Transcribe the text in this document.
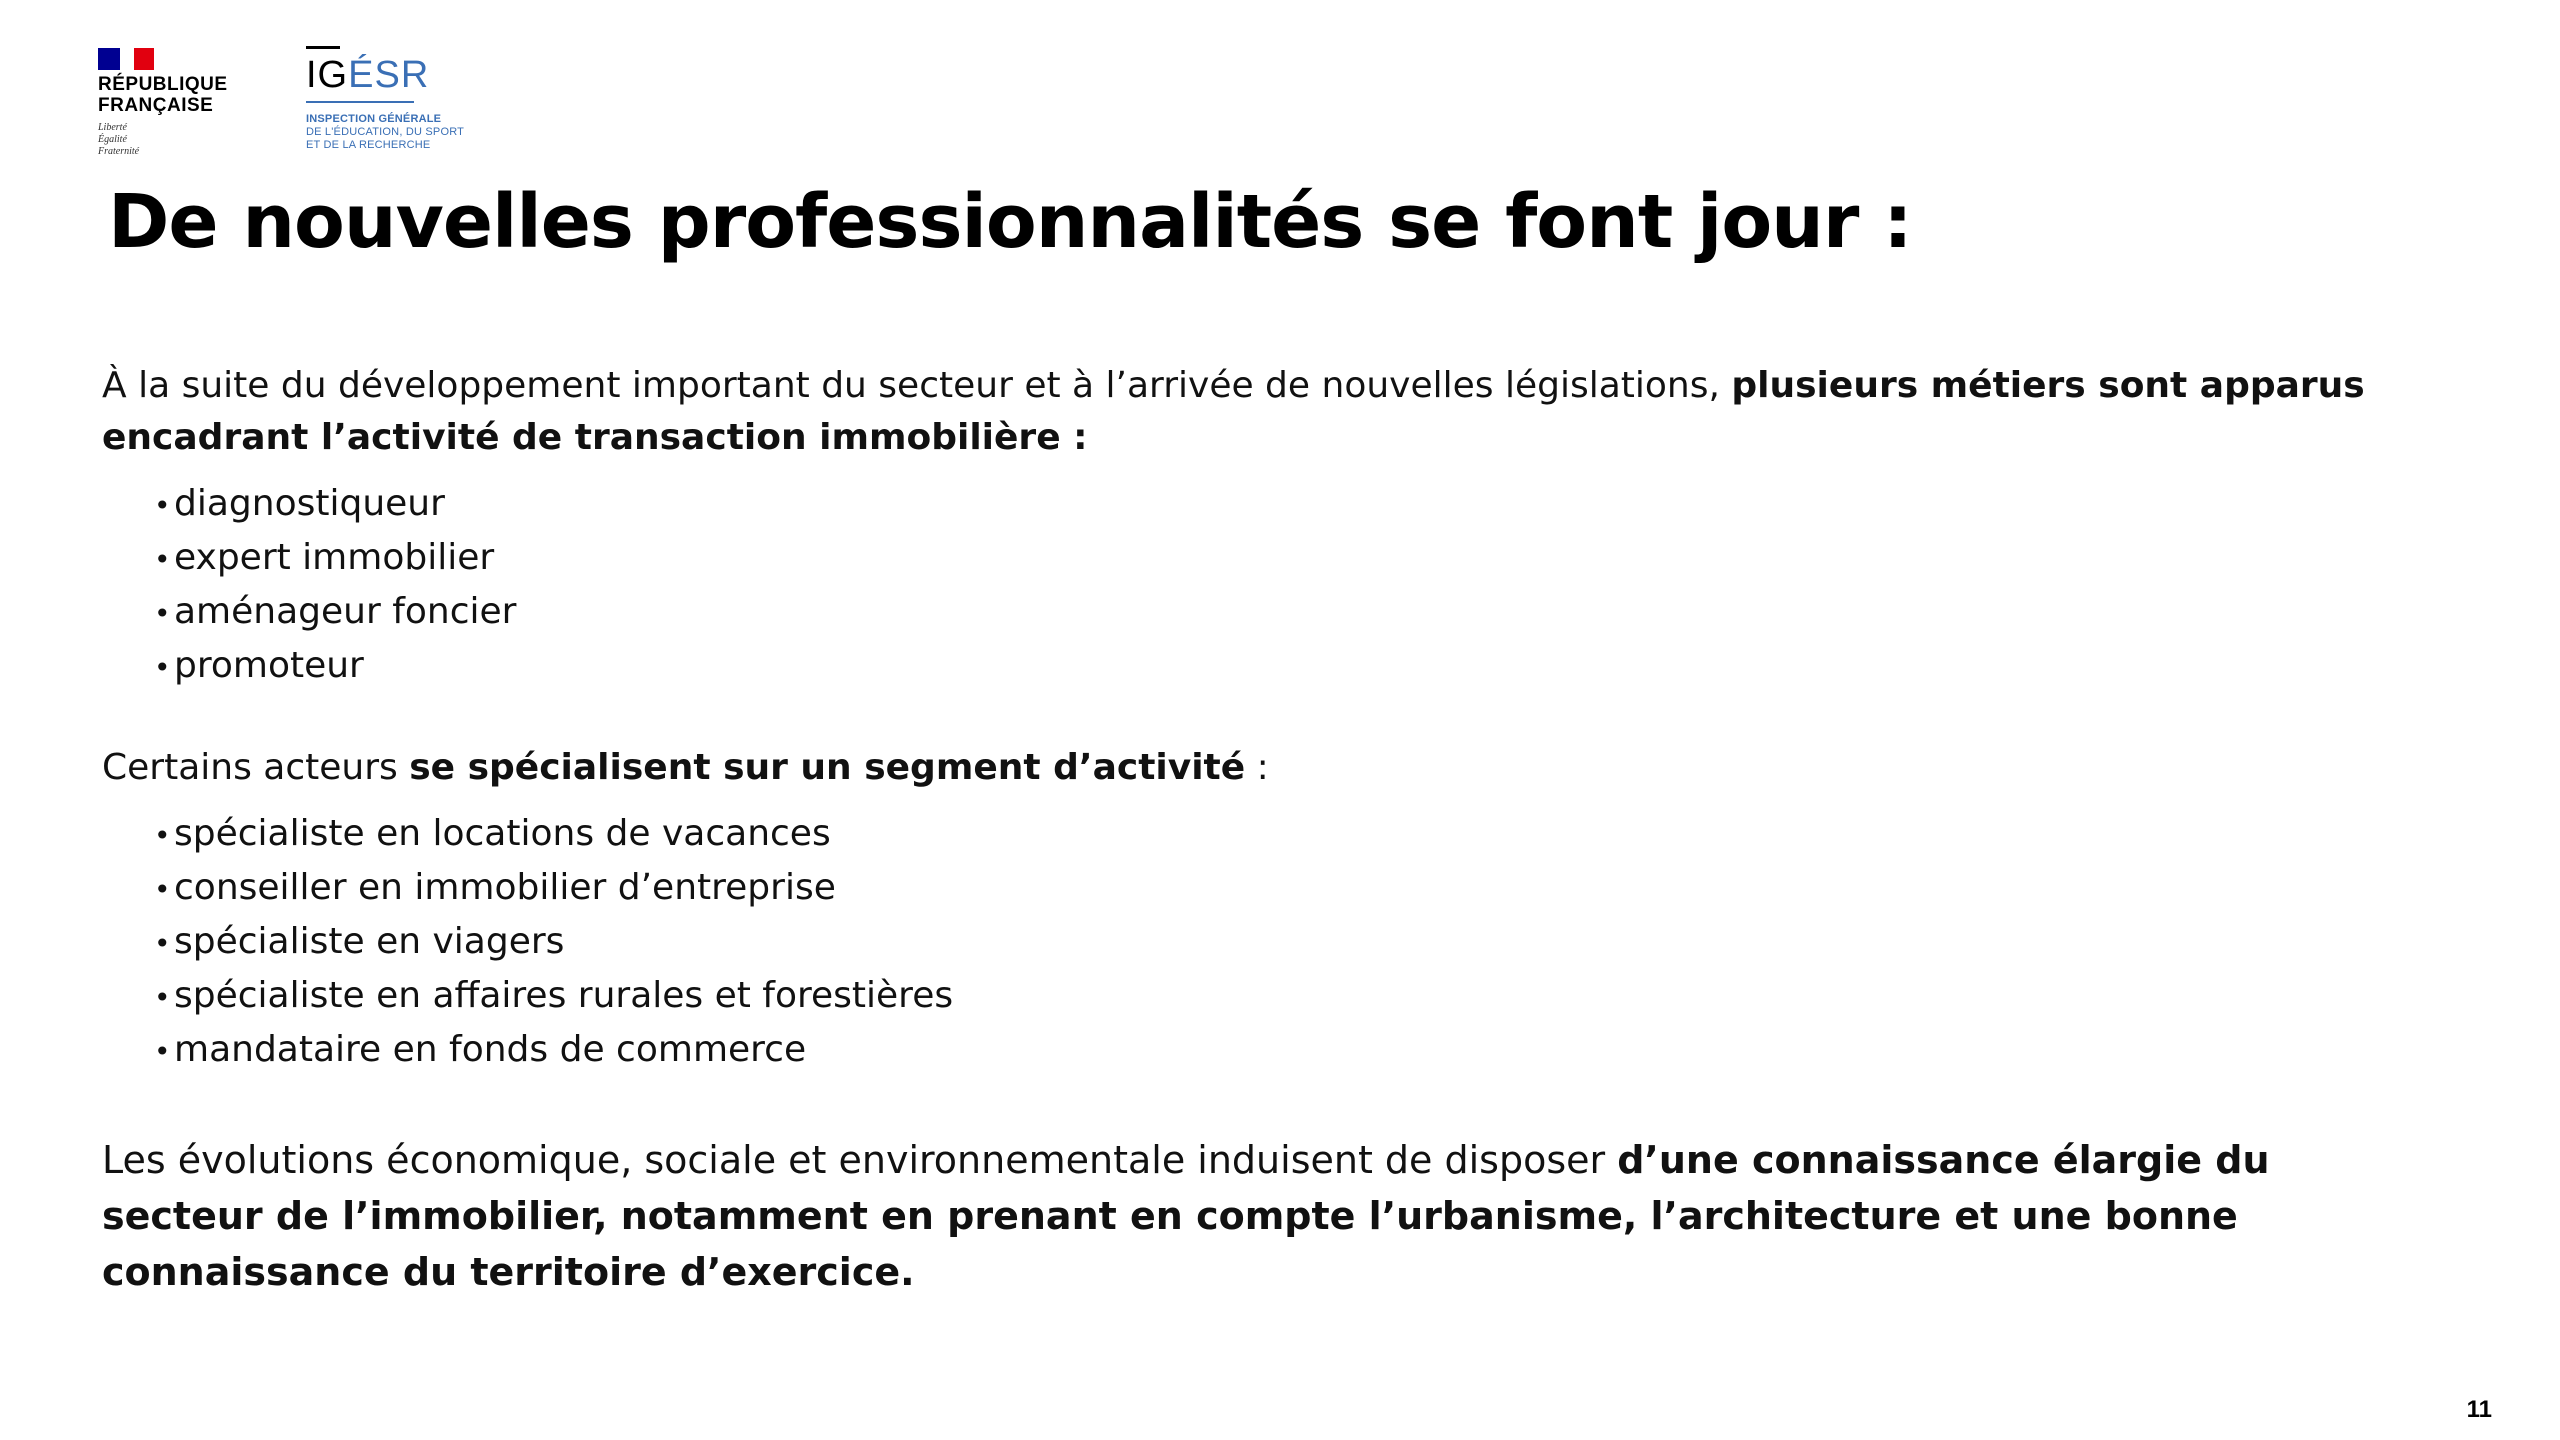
RÉPUBLIQUE
FRANÇAISE
Liberté
Égalité
Fraternité
IGÉSR
INSPECTION GÉNÉRALE
DE L'ÉDUCATION, DU SPORT
ET DE LA RECHERCHE
De nouvelles professionnalités se font jour :

À la suite du développement important du secteur et à l’arrivée de nouvelles législations, plusieurs métiers sont apparus encadrant l’activité de transaction immobilière :

• diagnostiqueur
• expert immobilier
• aménageur foncier
• promoteur

Certains acteurs se spécialisent sur un segment d’activité :

• spécialiste en locations de vacances
• conseiller en immobilier d’entreprise
• spécialiste en viagers
• spécialiste en affaires rurales et forestières
• mandataire en fonds de commerce

Les évolutions économique, sociale et environnementale induisent de disposer d’une connaissance élargie du secteur de l’immobilier, notamment en prenant en compte l’urbanisme, l’architecture et une bonne connaissance du territoire d’exercice.

11
